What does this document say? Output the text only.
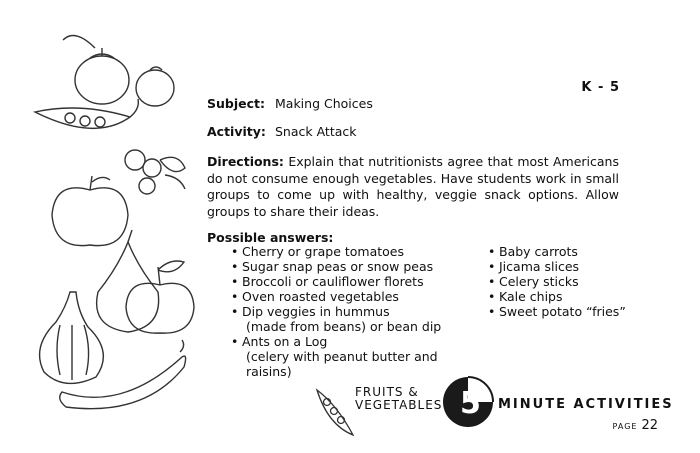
K - 5
Subject: Making Choices
Activity: Snack Attack
Directions: Explain that nutritionists agree that most Americans do not consume enough vegetables. Have students work in small groups to come up with healthy, veggie snack options. Allow groups to share their ideas.
Possible answers:
• Cherry or grape tomatoes
• Sugar snap peas or snow peas
• Broccoli or cauliflower florets
• Oven roasted vegetables
• Dip veggies in hummus
(made from beans) or bean dip
• Ants on a Log
(celery with peanut butter and raisins)
• Baby carrots
• Jicama slices
• Celery sticks
• Kale chips
• Sweet potato “fries”
FRUITS &
VEGETABLES 5 MINUTE ACTIVITIES
PAGE 22
